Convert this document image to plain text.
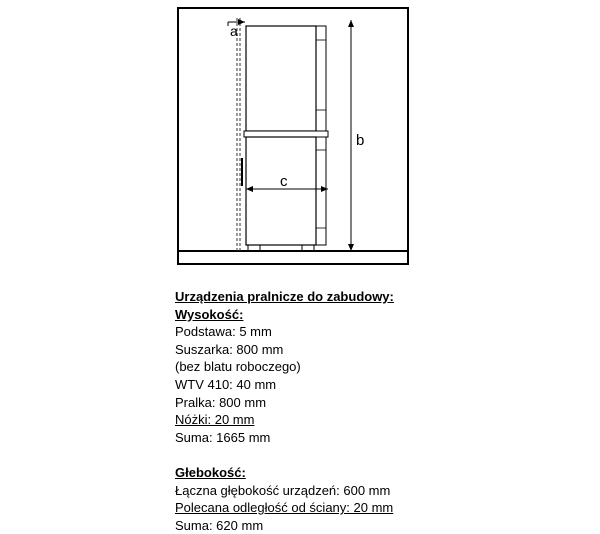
a
b
c
Urządzenia pralnicze do zabudowy:
Wysokość:
Podstawa: 5 mm
Suszarka: 800 mm
(bez blatu roboczego)
WTV 410: 40 mm
Pralka: 800 mm
Nóżki: 20 mm
Suma: 1665 mm
Głebokość:
Łączna głębokość urządzeń: 600 mm
Polecana odległość od ściany: 20 mm
Suma: 620 mm
